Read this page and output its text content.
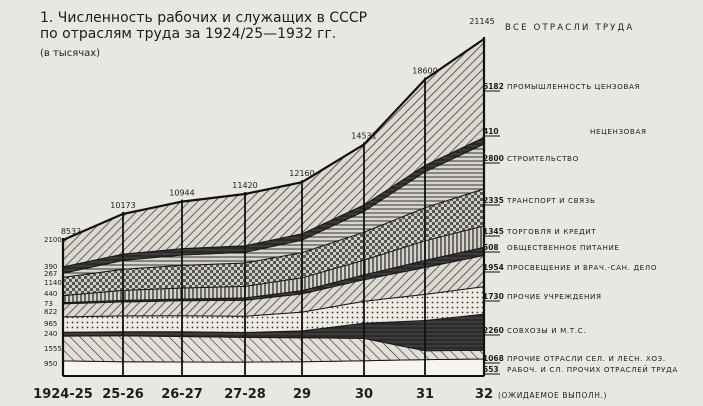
1. Численность рабочих и служащих в СССР
по отраслям труда за 1924/25—1932 гг.
(в тысячах)
8532
10173
10944
11420
12160
14531
18600
21145
2100
390
267
1140
440
73
822
965
240
1555
950
ВСЕ ОТРАСЛИ ТРУДА
6182 ПРОМЫШЛЕННОСТЬ ЦЕНЗОВАЯ
410	НЕЦЕНЗОВАЯ
2800 СТРОИТЕЛЬСТВО
2335 ТРАНСПОРТ И СВЯЗЬ
1345 ТОРГОВЛЯ И КРЕДИТ
508 ОБЩЕСТВЕННОЕ ПИТАНИЕ
1954 ПРОСВЕЩЕНИЕ И ВРАЧ.-САН. ДЕЛО
1730 ПРОЧИЕ УЧРЕЖДЕНИЯ
2260 СОВХОЗЫ И М.Т.С.
1068 ПРОЧИЕ ОТРАСЛИ СЕЛ. И ЛЕСН. ХОЗ.
553 РАБОЧ. И СЛ. ПРОЧИХ ОТРАСЛЕЙ ТРУДА
1924-25 25-26 26-27 27-28 29	30	31	32 (ОЖИДАЕМОЕ ВЫПОЛН.)
